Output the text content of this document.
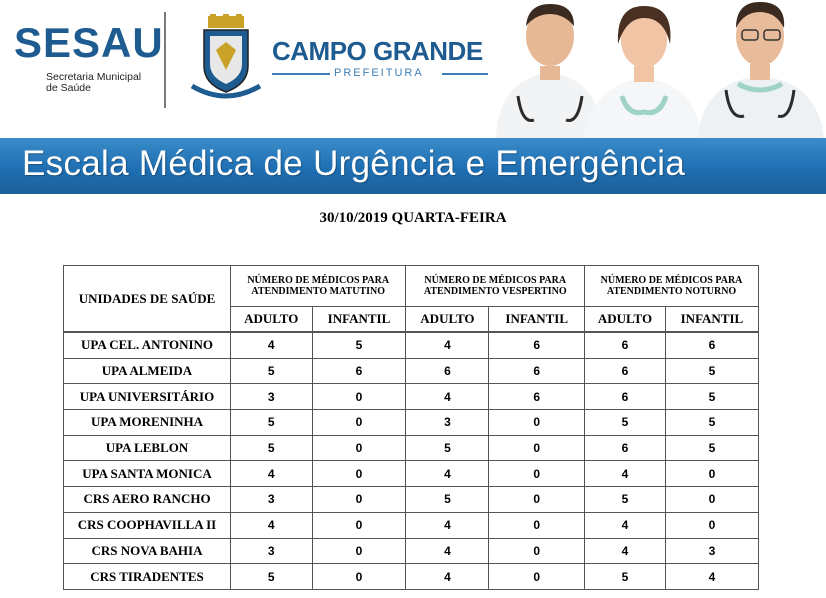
SESAU
Secretaria Municipal
de Saúde
CAMPO GRANDE
PREFEITURA
Escala Médica de Urgência e Emergência
30/10/2019 QUARTA-FEIRA
UNIDADES DE SAÚDE	NÚMERO DE MÉDICOS PARA ATENDIMENTO MATUTINO		NÚMERO DE MÉDICOS PARA ATENDIMENTO VESPERTINO		NÚMERO DE MÉDICOS PARA ATENDIMENTO NOTURNO	
	ADULTO	INFANTIL	ADULTO	INFANTIL	ADULTO	INFANTIL

UPA CEL. ANTONINO	4	5	4	6	6	6
UPA ALMEIDA	5	6	6	6	6	5
UPA UNIVERSITÁRIO	3	0	4	6	6	5
UPA MORENINHA	5	0	3	0	5	5
UPA LEBLON	5	0	5	0	6	5
UPA SANTA MONICA	4	0	4	0	4	0
CRS AERO RANCHO	3	0	5	0	5	0
CRS COOPHAVILLA II	4	0	4	0	4	0
CRS NOVA BAHIA	3	0	4	0	4	3
CRS TIRADENTES	5	0	4	0	5	4
